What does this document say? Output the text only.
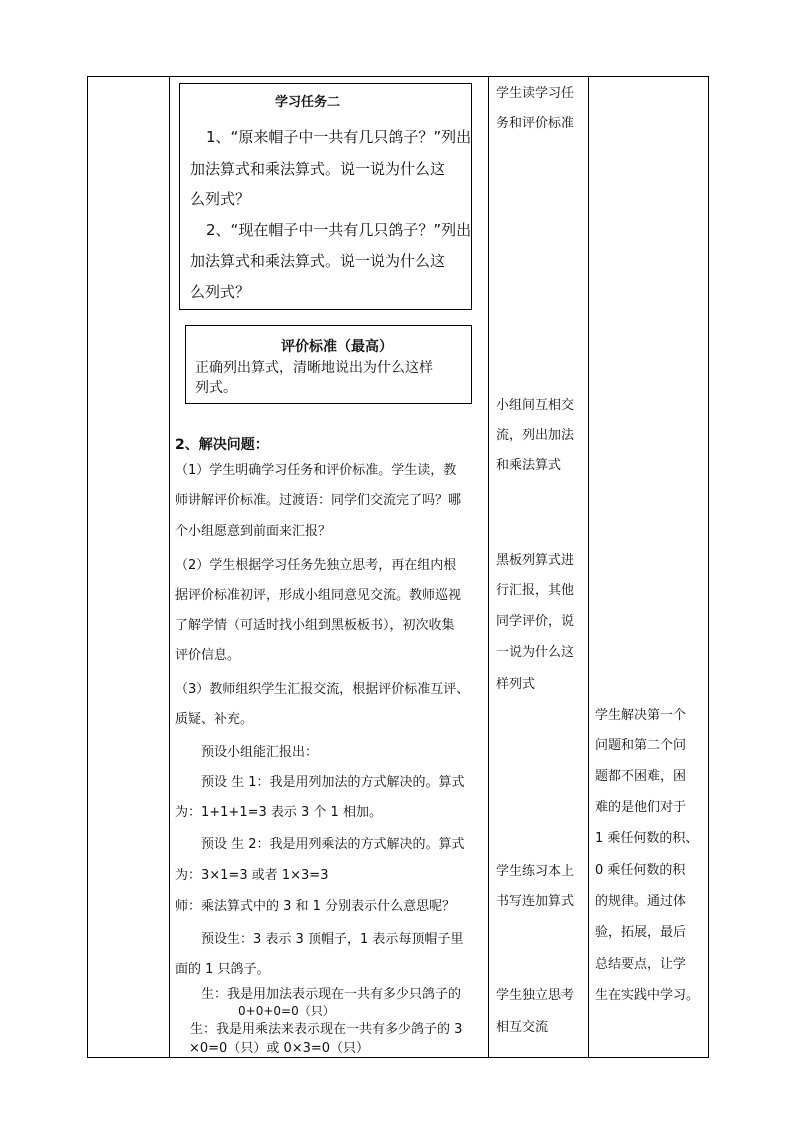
学习任务二
1、“原来帽子中一共有几只鸽子？”列出
加法算式和乘法算式。说一说为什么这
么列式？
2、“现在帽子中一共有几只鸽子？”列出
加法算式和乘法算式。说一说为什么这
么列式？
评价标准（最高）
正确列出算式，清晰地说出为什么这样
列式。
2、解决问题：
（1）学生明确学习任务和评价标准。学生读，教
师讲解评价标准。过渡语：同学们交流完了吗？哪
个小组愿意到前面来汇报？
（2）学生根据学习任务先独立思考，再在组内根
据评价标准初评，形成小组同意见交流。教师巡视
了解学情（可适时找小组到黑板板书），初次收集
评价信息。
（3）教师组织学生汇报交流，根据评价标准互评、
质疑、补充。
预设小组能汇报出：
预设 生 1：我是用列加法的方式解决的。算式
为：1+1+1=3 表示 3 个 1 相加。
预设 生 2：我是用列乘法的方式解决的。算式
为：3×1=3 或者 1×3=3
师：乘法算式中的 3 和 1 分别表示什么意思呢？
预设生：3 表示 3 顶帽子，1 表示每顶帽子里
面的 1 只鸽子。
生：我是用加法表示现在一共有多少只鸽子的
0+0+0=0（只）
生：我是用乘法来表示现在一共有多少鸽子的 3
×0=0（只）或 0×3=0（只）
学生读学习任
务和评价标准
小组间互相交
流，列出加法
和乘法算式
黑板列算式进
行汇报，其他
同学评价，说
一说为什么这
样列式
学生练习本上
书写连加算式
学生独立思考
相互交流
学生解决第一个
问题和第二个问
题都不困难，困
难的是他们对于
1 乘任何数的积、
0 乘任何数的积
的规律。通过体
验，拓展，最后
总结要点，让学
生在实践中学习。
